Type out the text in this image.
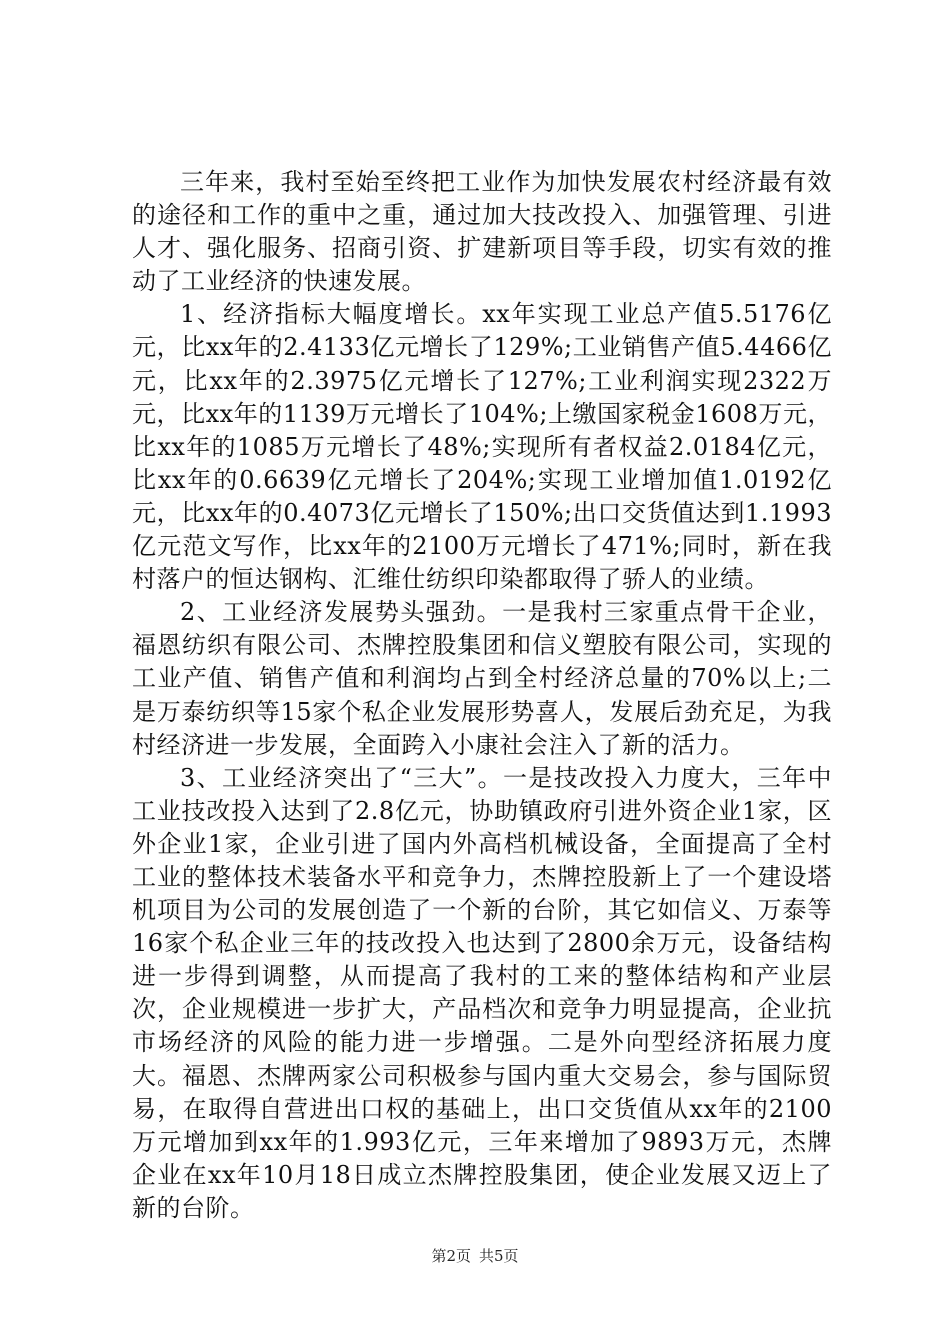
三年来，我村至始至终把工业作为加快发展农村经济最有效的途径和工作的重中之重，通过加大技改投入、加强管理、引进人才、强化服务、招商引资、扩建新项目等手段，切实有效的推动了工业经济的快速发展。

1、经济指标大幅度增长。xx年实现工业总产值5.5176亿元，比xx年的2.4133亿元增长了129%;工业销售产值5.4466亿元，比xx年的2.3975亿元增长了127%;工业利润实现2322万元，比xx年的1139万元增长了104%;上缴国家税金1608万元，比xx年的1085万元增长了48%;实现所有者权益2.0184亿元，比xx年的0.6639亿元增长了204%;实现工业增加值1.0192亿元，比xx年的0.4073亿元增长了150%;出口交货值达到1.1993亿元范文写作，比xx年的2100万元增长了471%;同时，新在我村落户的恒达钢构、汇维仕纺织印染都取得了骄人的业绩。

2、工业经济发展势头强劲。一是我村三家重点骨干企业，福恩纺织有限公司、杰牌控股集团和信义塑胶有限公司，实现的工业产值、销售产值和利润均占到全村经济总量的70%以上;二是万泰纺织等15家个私企业发展形势喜人，发展后劲充足，为我村经济进一步发展，全面跨入小康社会注入了新的活力。

3、工业经济突出了“三大”。一是技改投入力度大，三年中工业技改投入达到了2.8亿元，协助镇政府引进外资企业1家，区外企业1家，企业引进了国内外高档机械设备，全面提高了全村工业的整体技术装备水平和竞争力，杰牌控股新上了一个建设塔机项目为公司的发展创造了一个新的台阶，其它如信义、万泰等16家个私企业三年的技改投入也达到了2800余万元，设备结构进一步得到调整，从而提高了我村的工来的整体结构和产业层次，企业规模进一步扩大，产品档次和竞争力明显提高，企业抗市场经济的风险的能力进一步增强。二是外向型经济拓展力度大。福恩、杰牌两家公司积极参与国内重大交易会，参与国际贸易，在取得自营进出口权的基础上，出口交货值从xx年的2100万元增加到xx年的1.993亿元，三年来增加了9893万元，杰牌企业在xx年10月18日成立杰牌控股集团，使企业发展又迈上了新的台阶。

第2页 共5页
